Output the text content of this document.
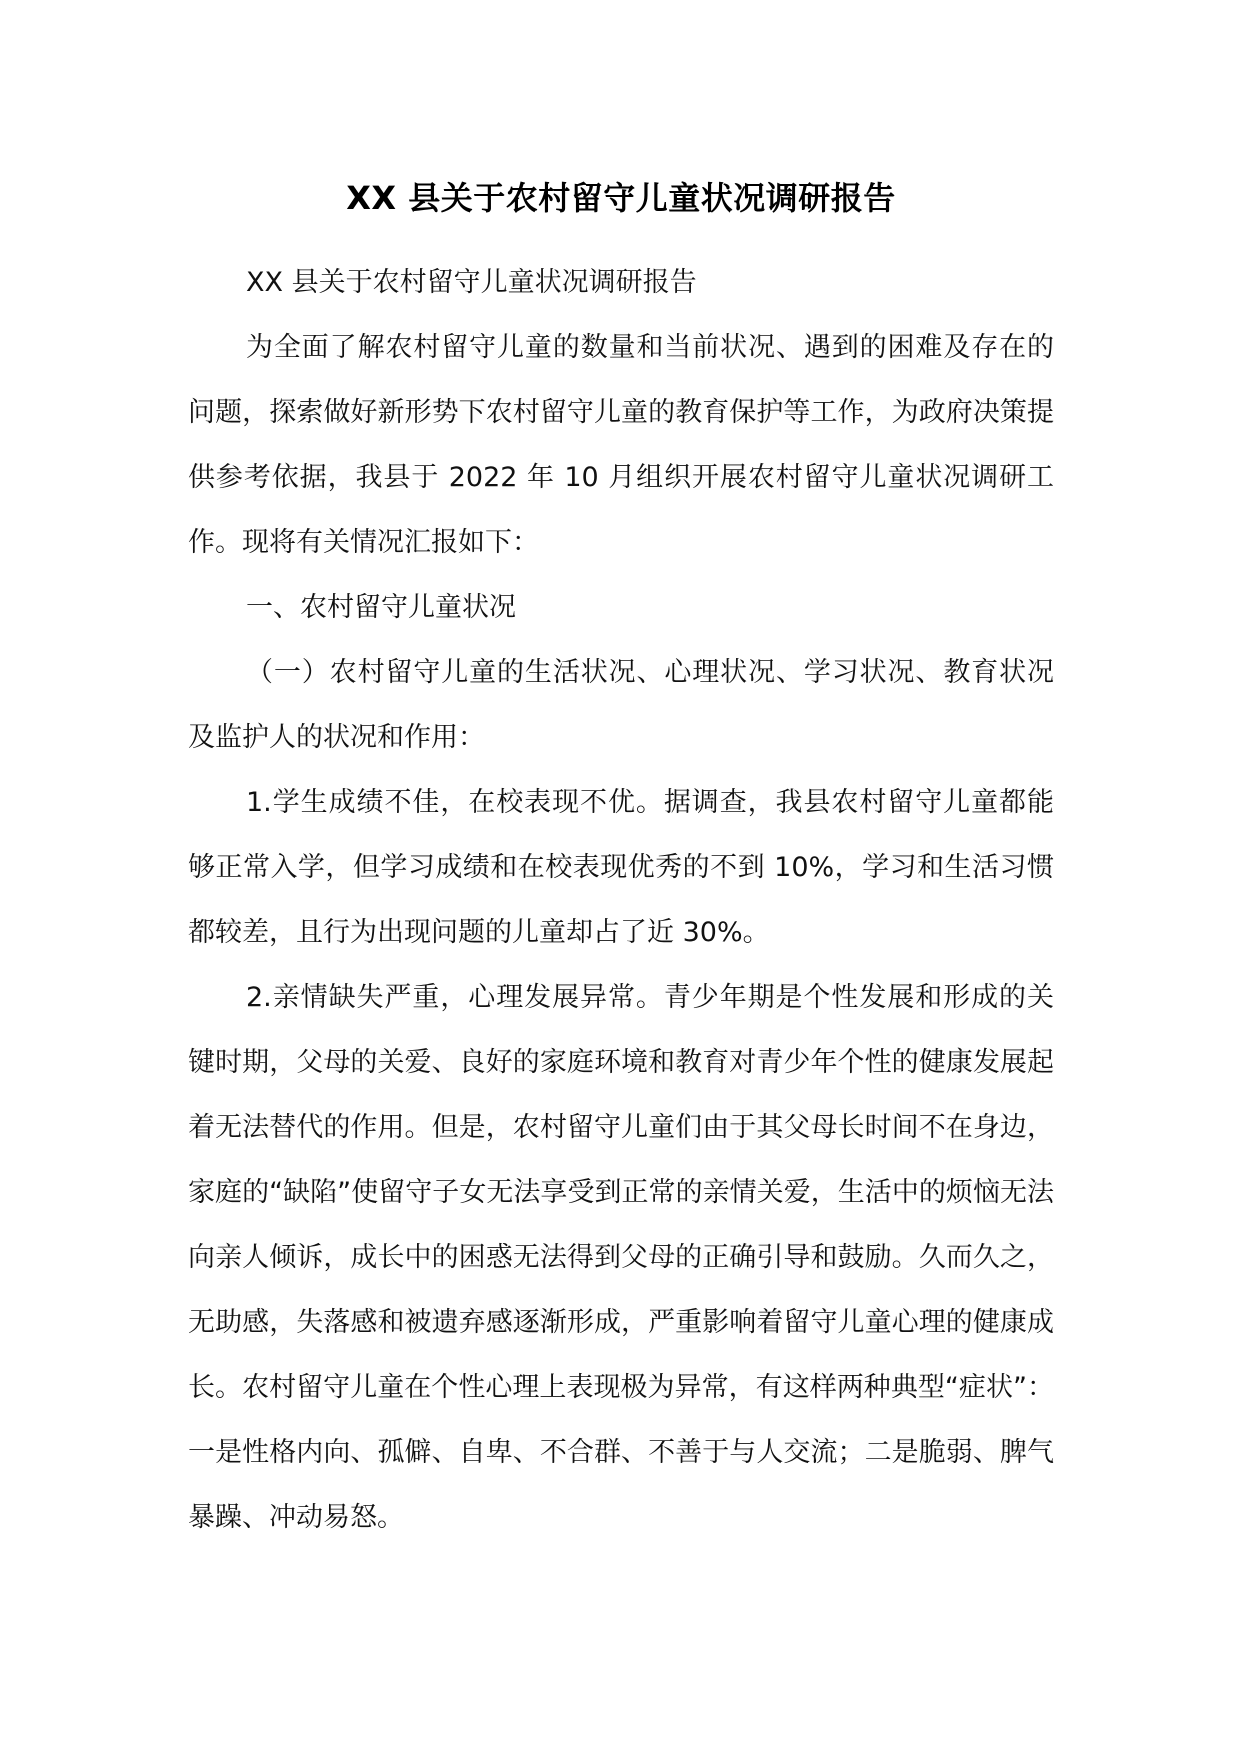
XX 县关于农村留守儿童状况调研报告

XX 县关于农村留守儿童状况调研报告

为全面了解农村留守儿童的数量和当前状况、遇到的困难及存在的问题，探索做好新形势下农村留守儿童的教育保护等工作，为政府决策提供参考依据，我县于 2022 年 10 月组织开展农村留守儿童状况调研工作。现将有关情况汇报如下：

一、农村留守儿童状况

（一）农村留守儿童的生活状况、心理状况、学习状况、教育状况及监护人的状况和作用：

1.学生成绩不佳，在校表现不优。据调查，我县农村留守儿童都能够正常入学，但学习成绩和在校表现优秀的不到 10%，学习和生活习惯都较差，且行为出现问题的儿童却占了近 30%。

2.亲情缺失严重，心理发展异常。青少年期是个性发展和形成的关键时期，父母的关爱、良好的家庭环境和教育对青少年个性的健康发展起着无法替代的作用。但是，农村留守儿童们由于其父母长时间不在身边，家庭的“缺陷”使留守子女无法享受到正常的亲情关爱，生活中的烦恼无法向亲人倾诉，成长中的困惑无法得到父母的正确引导和鼓励。久而久之，无助感，失落感和被遗弃感逐渐形成，严重影响着留守儿童心理的健康成长。农村留守儿童在个性心理上表现极为异常，有这样两种典型“症状”：一是性格内向、孤僻、自卑、不合群、不善于与人交流；二是脆弱、脾气暴躁、冲动易怒。
